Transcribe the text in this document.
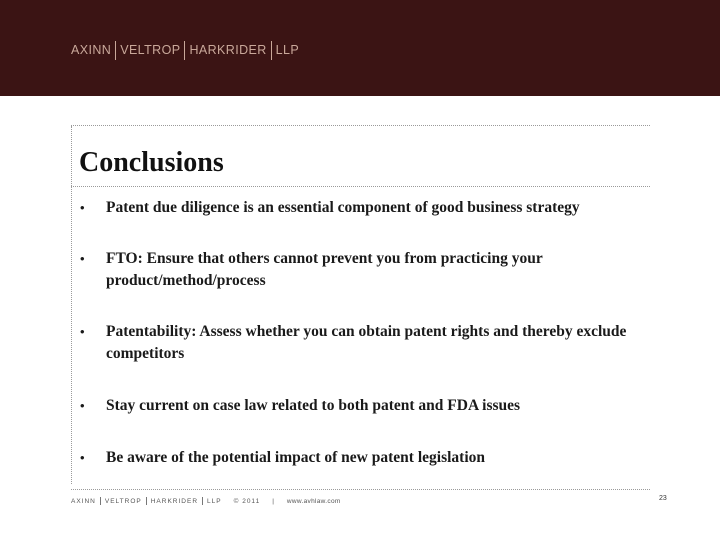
AXINN VELTROP HARKRIDER LLP
Conclusions
• Patent due diligence is an essential component of good business strategy
• FTO: Ensure that others cannot prevent you from practicing your product/method/process
• Patentability: Assess whether you can obtain patent rights and thereby exclude competitors
• Stay current on case law related to both patent and FDA issues
• Be aware of the potential impact of new patent legislation
AXINN VELTROP HARKRIDER LLP © 2011 | www.avhlaw.com	23
